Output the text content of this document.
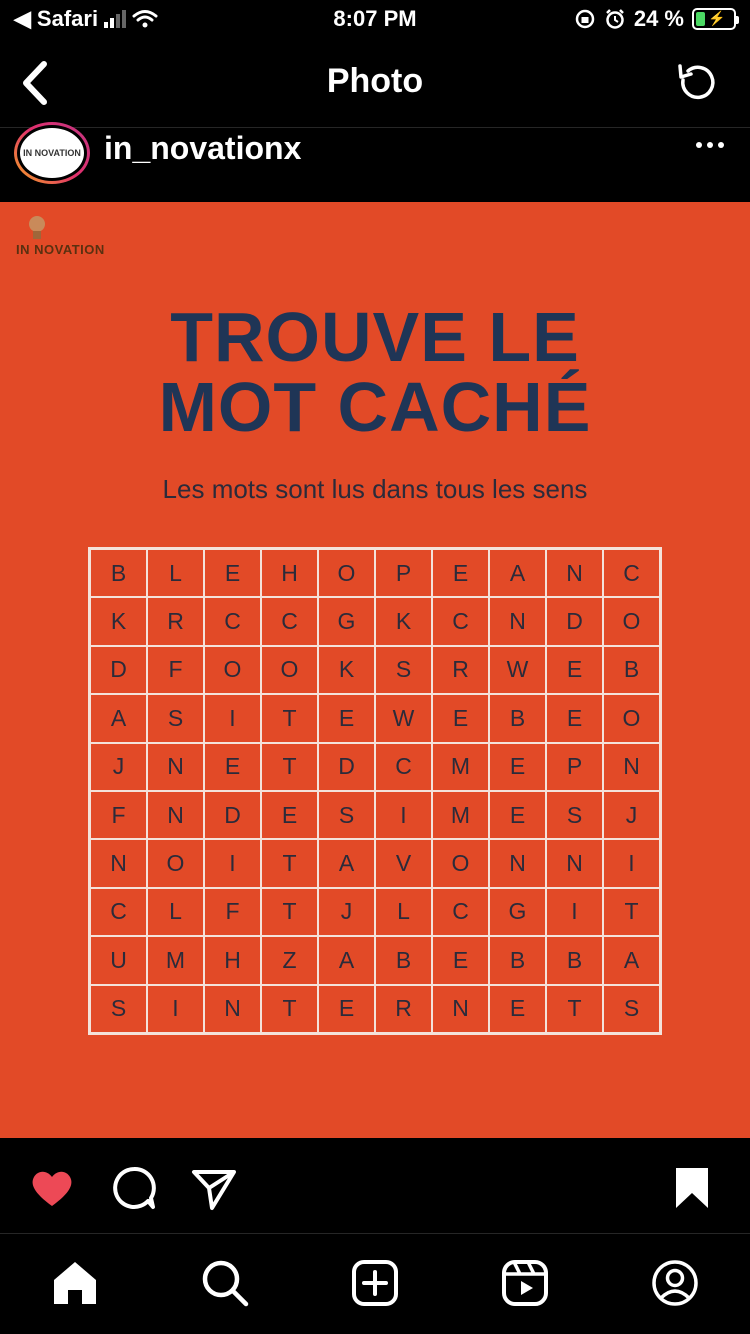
◀ Safari	8:07 PM	24 % ⚡
Photo
IN NOVATION in_novationx
IN NOVATION
TROUVE LE
MOT CACHÉ
Les mots sont lus dans tous les sens
B	L	E	H	O	P	E	A	N	C
K	R	C	C	G	K	C	N	D	O
D	F	O	O	K	S	R	W	E	B
A	S	I	T	E	W	E	B	E	O
J	N	E	T	D	C	M	E	P	N
F	N	D	E	S	I	M	E	S	J
N	O	I	T	A	V	O	N	N	I
C	L	F	T	J	L	C	G	I	T
U	M	H	Z	A	B	E	B	B	A
S	I	N	T	E	R	N	E	T	S
